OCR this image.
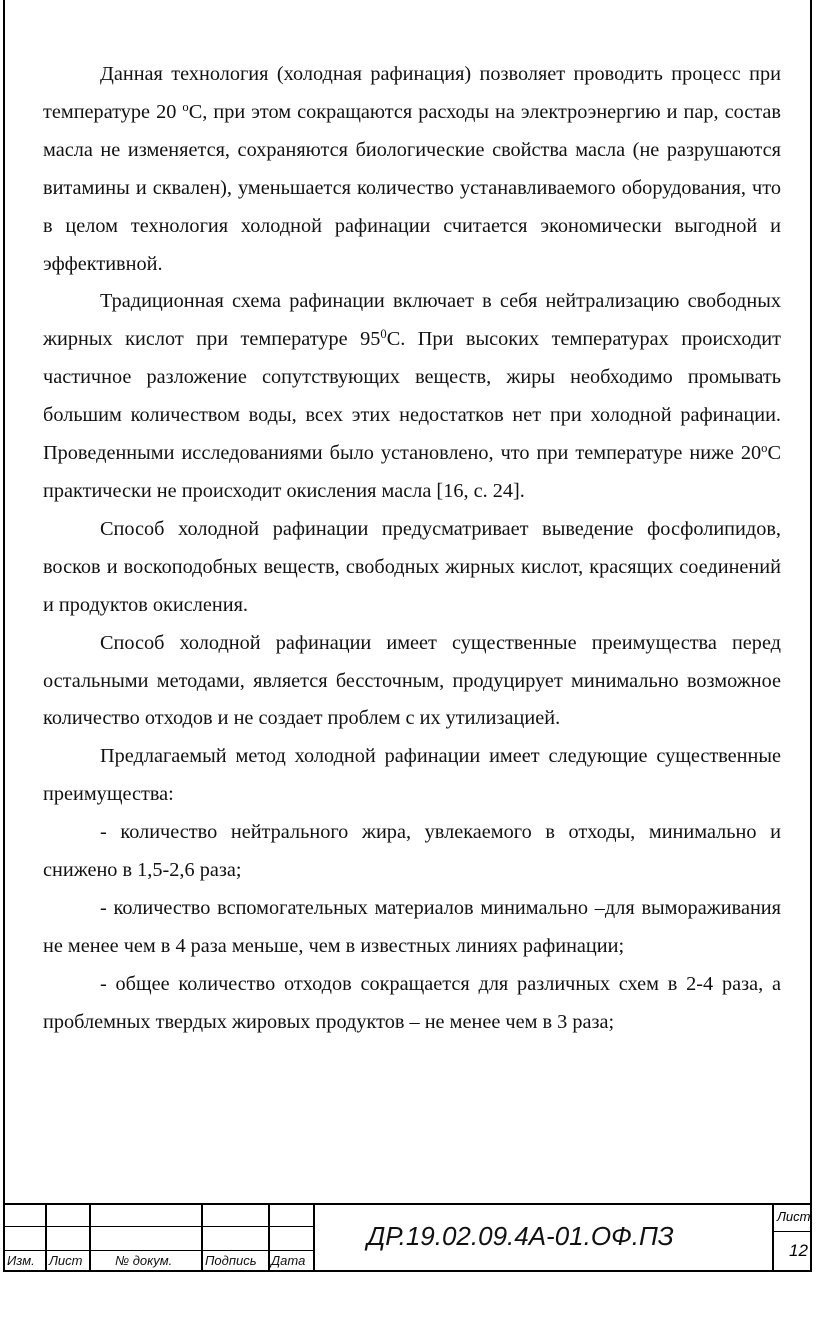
Данная технология (холодная рафинация) позволяет проводить процесс при температуре 20 $^о$С, при этом сокращаются расходы на электроэнергию и пар, состав масла не изменяется, сохраняются биологические свойства масла (не разрушаются витамины и сквален), уменьшается количество устанавливаемого оборудования, что в целом технология холодной рафинации считается экономически выгодной и эффективной.

Традиционная схема рафинации включает в себя нейтрализацию свободных жирных кислот при температуре $95^0С$. При высоких температурах происходит частичное разложение сопутствующих веществ, жиры необходимо промывать большим количеством воды, всех этих недостатков нет при холодной рафинации. Проведенными исследованиями было установлено, что при температуре ниже $20^оС$ практически не происходит окисления масла [16, с. 24].

Способ холодной рафинации предусматривает выведение фосфолипидов, восков и воскоподобных веществ, свободных жирных кислот, красящих соединений и продуктов окисления.

Способ холодной рафинации имеет существенные преимущества перед остальными методами, является бессточным, продуцирует минимально возможное количество отходов и не создает проблем с их утилизацией.

Предлагаемый метод холодной рафинации имеет следующие существенные преимущества:

- количество нейтрального жира, увлекаемого в отходы, минимально и снижено в 1,5-2,6 раза;

- количество вспомогательных материалов минимально –для вымораживания не менее чем в 4 раза меньше, чем в известных линиях рафинации;

- общее количество отходов сокращается для различных схем в 2-4 раза, а проблемных твердых жировых продуктов – не менее чем в 3 раза;

Изм. Лист	№ докум.	Подпись Дата
ДР.19.02.09.4А-01.ОФ.ПЗ
Лист
12
